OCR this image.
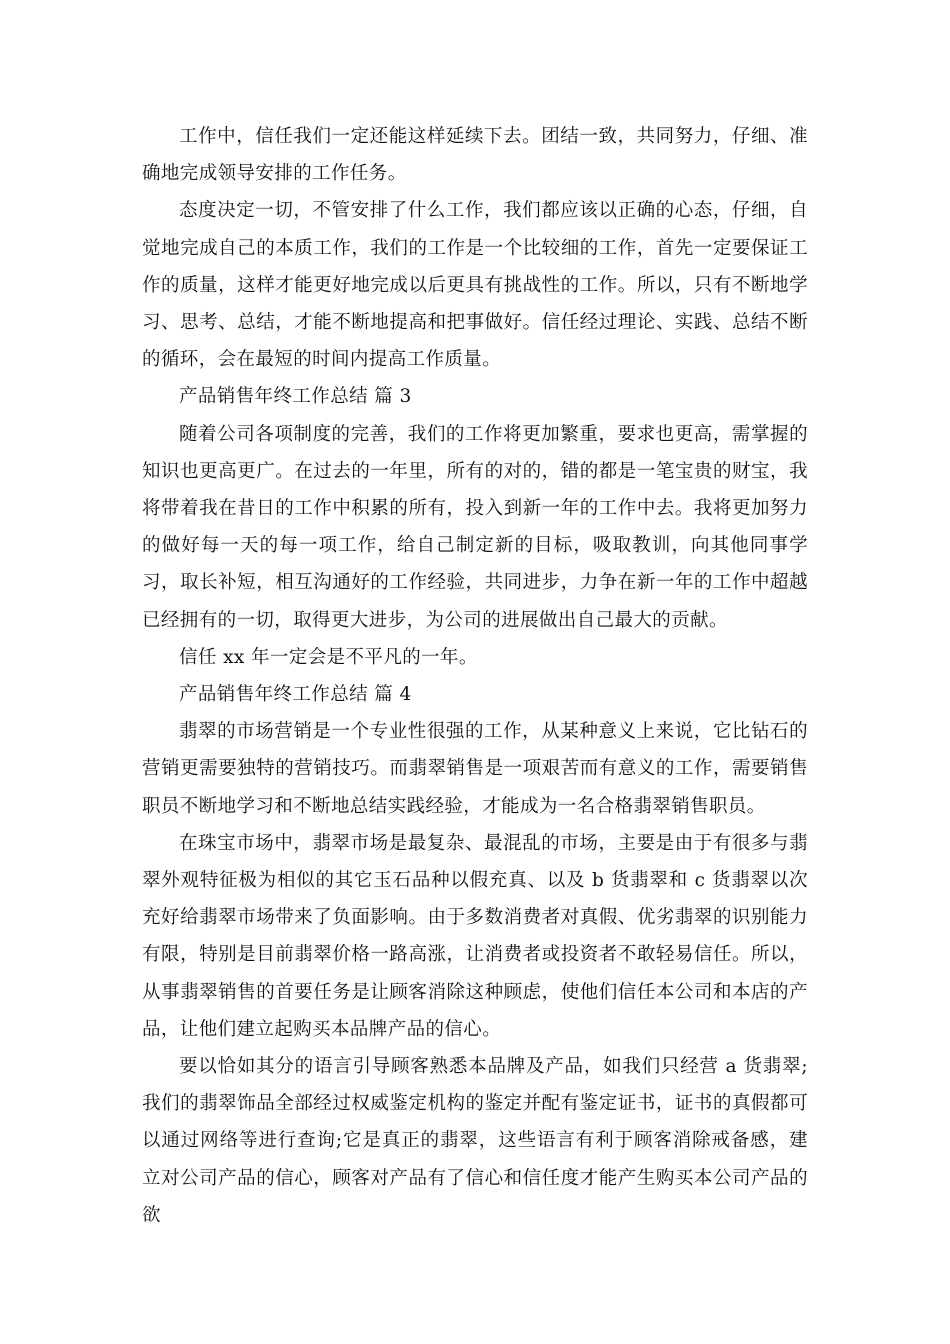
工作中，信任我们一定还能这样延续下去。团结一致，共同努力，仔细、准确地完成领导安排的工作任务。

态度决定一切，不管安排了什么工作，我们都应该以正确的心态，仔细，自觉地完成自己的本质工作，我们的工作是一个比较细的工作，首先一定要保证工作的质量，这样才能更好地完成以后更具有挑战性的工作。所以，只有不断地学习、思考、总结，才能不断地提高和把事做好。信任经过理论、实践、总结不断的循环，会在最短的时间内提高工作质量。

产品销售年终工作总结 篇 3

随着公司各项制度的完善，我们的工作将更加繁重，要求也更高，需掌握的知识也更高更广。在过去的一年里，所有的对的，错的都是一笔宝贵的财宝，我将带着我在昔日的工作中积累的所有，投入到新一年的工作中去。我将更加努力的做好每一天的每一项工作，给自己制定新的目标，吸取教训，向其他同事学习，取长补短，相互沟通好的工作经验，共同进步，力争在新一年的工作中超越已经拥有的一切，取得更大进步，为公司的进展做出自己最大的贡献。

信任 xx 年一定会是不平凡的一年。

产品销售年终工作总结 篇 4

翡翠的市场营销是一个专业性很强的工作，从某种意义上来说，它比钻石的营销更需要独特的营销技巧。而翡翠销售是一项艰苦而有意义的工作，需要销售职员不断地学习和不断地总结实践经验，才能成为一名合格翡翠销售职员。

在珠宝市场中，翡翠市场是最复杂、最混乱的市场，主要是由于有很多与翡翠外观特征极为相似的其它玉石品种以假充真、以及 b 货翡翠和 c 货翡翠以次充好给翡翠市场带来了负面影响。由于多数消费者对真假、优劣翡翠的识别能力有限，特别是目前翡翠价格一路高涨，让消费者或投资者不敢轻易信任。所以，从事翡翠销售的首要任务是让顾客消除这种顾虑，使他们信任本公司和本店的产品，让他们建立起购买本品牌产品的信心。

要以恰如其分的语言引导顾客熟悉本品牌及产品，如我们只经营 a 货翡翠;我们的翡翠饰品全部经过权威鉴定机构的鉴定并配有鉴定证书，证书的真假都可以通过网络等进行查询;它是真正的翡翠，这些语言有利于顾客消除戒备感，建立对公司产品的信心，顾客对产品有了信心和信任度才能产生购买本公司产品的欲
